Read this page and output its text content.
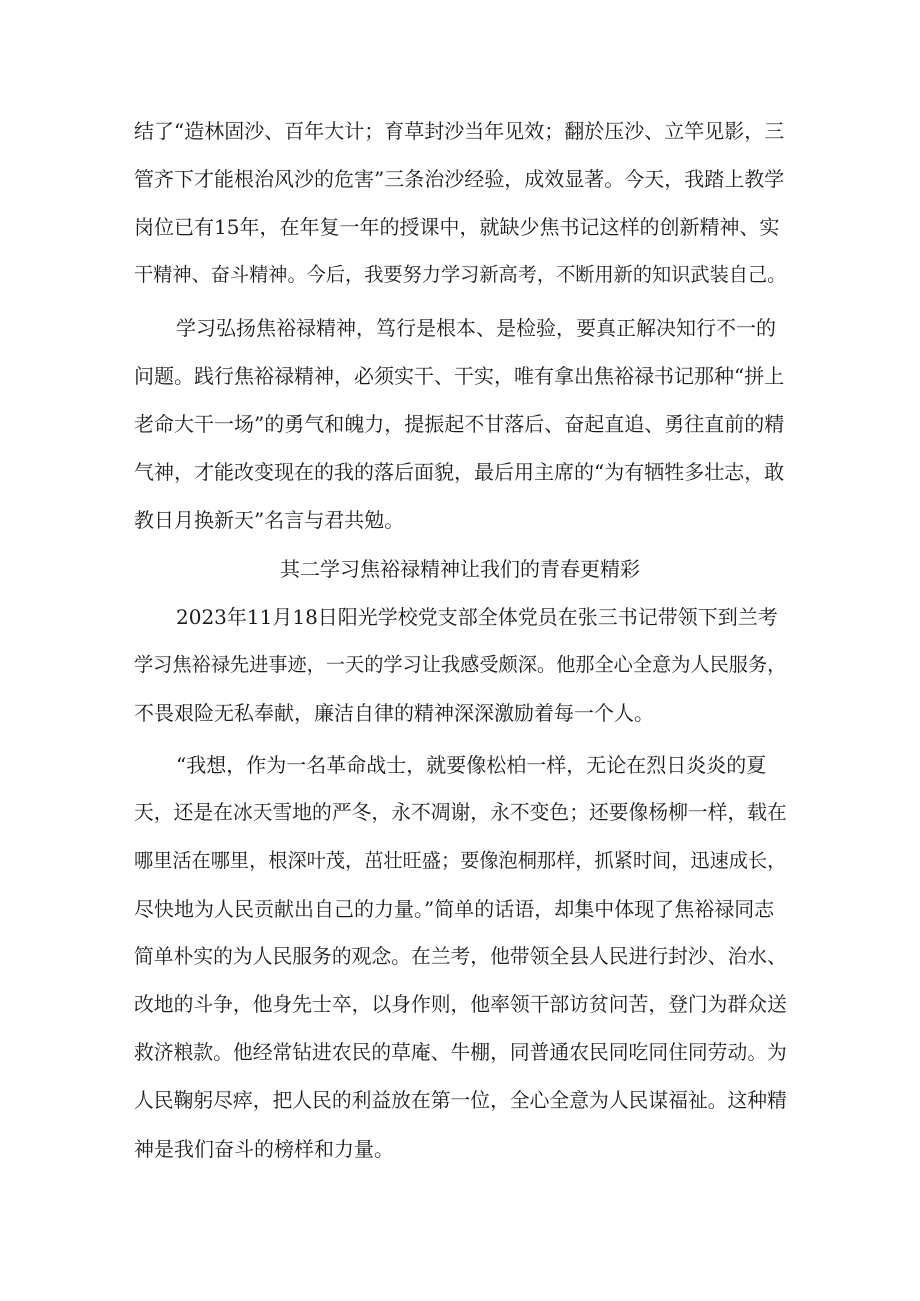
结了“造林固沙、百年大计；育草封沙当年见效；翻於压沙、立竿见影，三
管齐下才能根治风沙的危害”三条治沙经验，成效显著。今天，我踏上教学
岗位已有15年，在年复一年的授课中，就缺少焦书记这样的创新精神、实
干精神、奋斗精神。今后，我要努力学习新高考，不断用新的知识武装自己。
学习弘扬焦裕禄精神，笃行是根本、是检验，要真正解决知行不一的
问题。践行焦裕禄精神，必须实干、干实，唯有拿出焦裕禄书记那种“拼上
老命大干一场”的勇气和魄力，提振起不甘落后、奋起直追、勇往直前的精
气神，才能改变现在的我的落后面貌，最后用主席的“为有牺牲多壮志，敢
教日月换新天”名言与君共勉。
其二学习焦裕禄精神让我们的青春更精彩
2023年11月18日阳光学校党支部全体党员在张三书记带领下到兰考
学习焦裕禄先进事迹，一天的学习让我感受颇深。他那全心全意为人民服务，
不畏艰险无私奉献，廉洁自律的精神深深激励着每一个人。
“我想，作为一名革命战士，就要像松柏一样，无论在烈日炎炎的夏
天，还是在冰天雪地的严冬，永不凋谢，永不变色；还要像杨柳一样，载在
哪里活在哪里，根深叶茂，茁壮旺盛；要像泡桐那样，抓紧时间，迅速成长，
尽快地为人民贡献出自己的力量。”简单的话语，却集中体现了焦裕禄同志
简单朴实的为人民服务的观念。在兰考，他带领全县人民进行封沙、治水、
改地的斗争，他身先士卒，以身作则，他率领干部访贫问苦，登门为群众送
救济粮款。他经常钻进农民的草庵、牛棚，同普通农民同吃同住同劳动。为
人民鞠躬尽瘁，把人民的利益放在第一位，全心全意为人民谋福祉。这种精
神是我们奋斗的榜样和力量。
